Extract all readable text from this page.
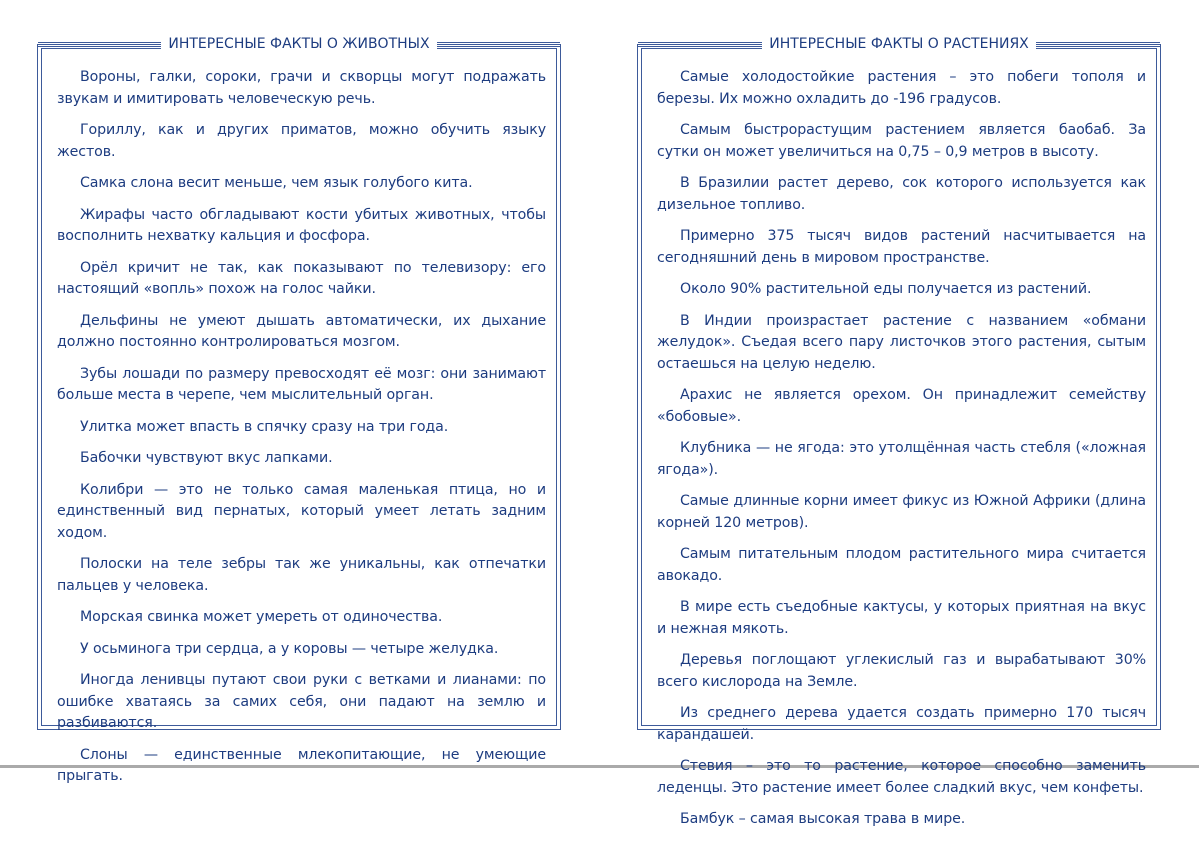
ИНТЕРЕСНЫЕ ФАКТЫ О ЖИВОТНЫХ

Вороны, галки, сороки, грачи и скворцы могут подражать звукам и имитировать человеческую речь.

Гориллу, как и других приматов, можно обучить языку жестов.

Самка слона весит меньше, чем язык голубого кита.

Жирафы часто обгладывают кости убитых животных, чтобы восполнить нехватку кальция и фосфора.

Орёл кричит не так, как показывают по телевизору: его настоящий «вопль» похож на голос чайки.

Дельфины не умеют дышать автоматически, их дыхание должно постоянно контролироваться мозгом.

Зубы лошади по размеру превосходят её мозг: они занимают больше места в черепе, чем мыслительный орган.

Улитка может впасть в спячку сразу на три года.

Бабочки чувствуют вкус лапками.

Колибри — это не только самая маленькая птица, но и единственный вид пернатых, который умеет летать задним ходом.

Полоски на теле зебры так же уникальны, как отпечатки пальцев у человека.

Морская свинка может умереть от одиночества.

У осьминога три сердца, а у коровы — четыре желудка.

Иногда ленивцы путают свои руки с ветками и лианами: по ошибке хватаясь за самих себя, они падают на землю и разбиваются.

Слоны — единственные млекопитающие, не умеющие прыгать.

ИНТЕРЕСНЫЕ ФАКТЫ О РАСТЕНИЯХ

Самые холодостойкие растения – это побеги тополя и березы. Их можно охладить до -196 градусов.

Самым быстрорастущим растением является баобаб. За сутки он может увеличиться на 0,75 – 0,9 метров в высоту.

В Бразилии растет дерево, сок которого используется как дизельное топливо.

Примерно 375 тысяч видов растений насчитывается на сегодняшний день в мировом пространстве.

Около 90% растительной еды получается из растений.

В Индии произрастает растение с названием «обмани желудок». Съедая всего пару листочков этого растения, сытым остаешься на целую неделю.

Арахис не является орехом. Он принадлежит семейству «бобовые».

Клубника — не ягода: это утолщённая часть стебля («ложная ягода»).

Самые длинные корни имеет фикус из Южной Африки (длина корней 120 метров).

Самым питательным плодом растительного мира считается авокадо.

В мире есть съедобные кактусы, у которых приятная на вкус и нежная мякоть.

Деревья поглощают углекислый газ и вырабатывают 30% всего кислорода на Земле.

Из среднего дерева удается создать примерно 170 тысяч карандашей.

Стевия – это то растение, которое способно заменить леденцы. Это растение имеет более сладкий вкус, чем конфеты.

Бамбук – самая высокая трава в мире.
